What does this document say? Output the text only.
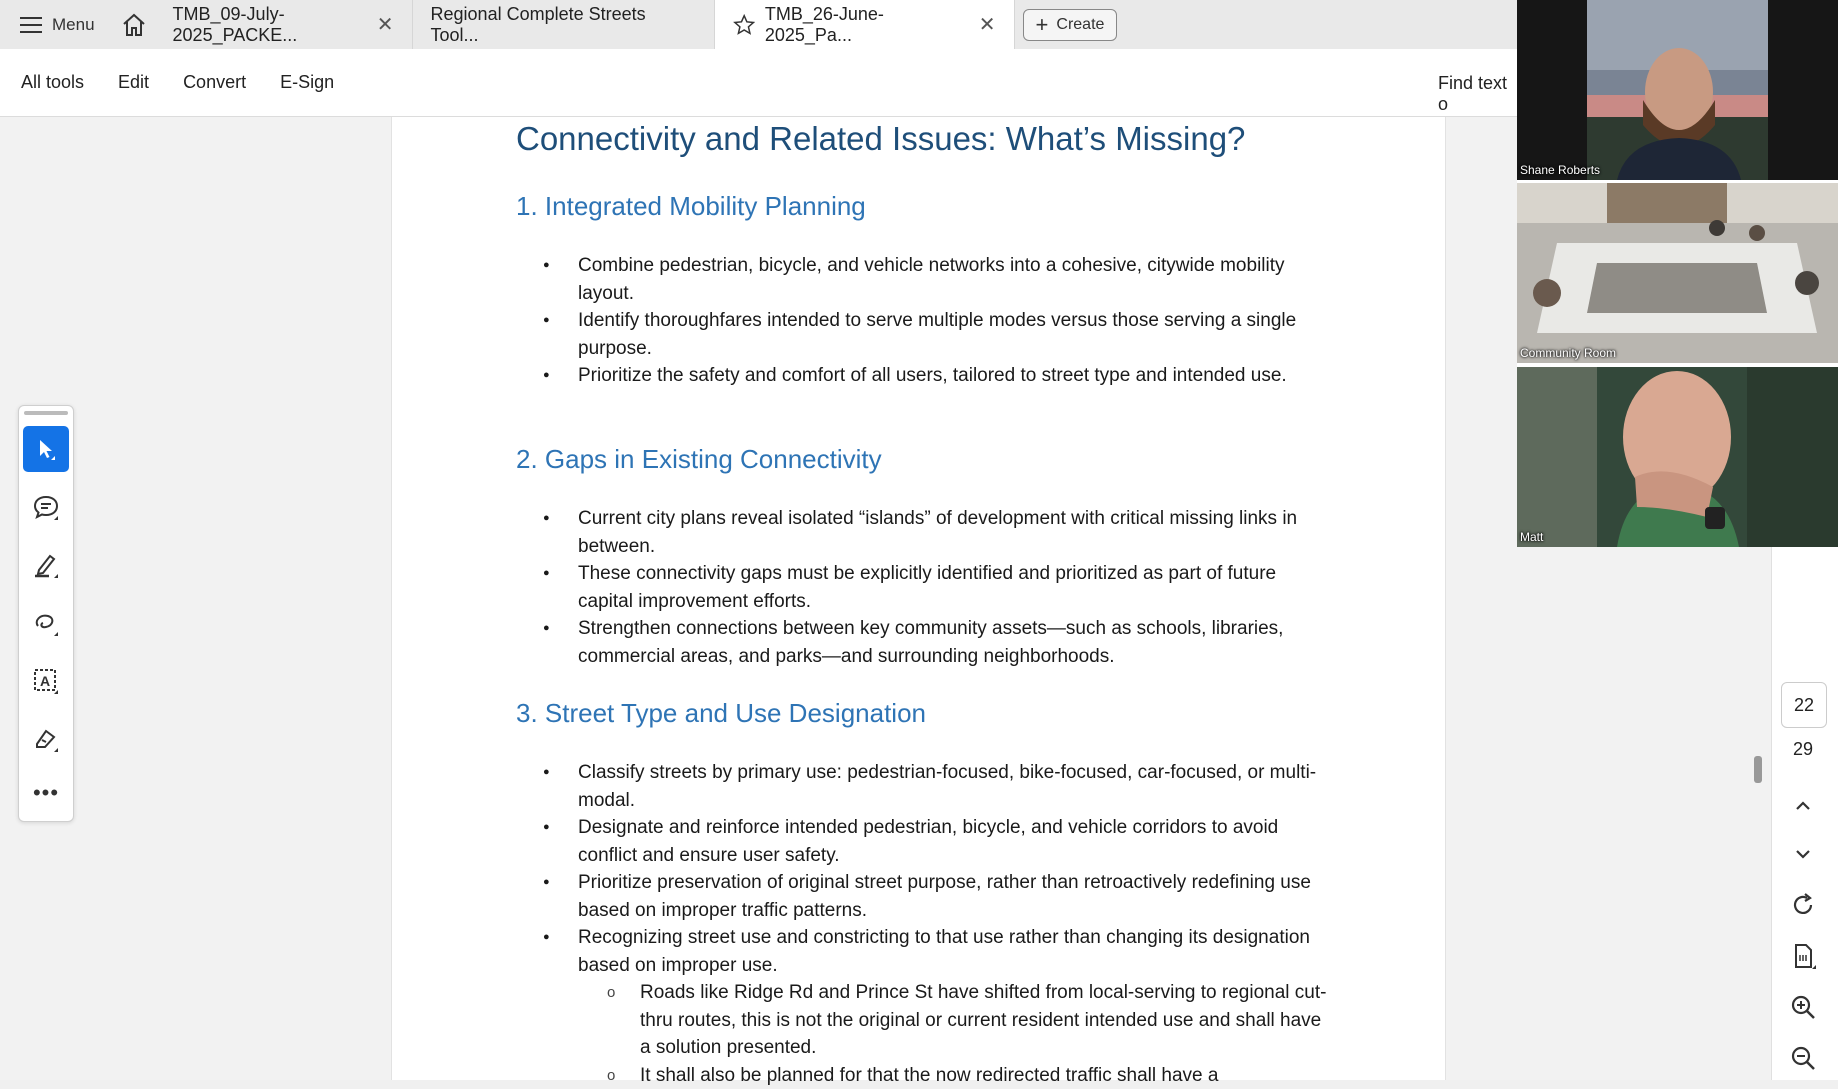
Menu
TMB_09-July-2025_PACKE...	✕
Regional Complete Streets Tool...
TMB_26-June-2025_Pa...	✕ + Create
All tools Edit Convert E-Sign	Find text o
Connectivity and Related Issues: What’s Missing?
1. Integrated Mobility Planning
● Combine pedestrian, bicycle, and vehicle networks into a cohesive, citywide mobility layout.
● Identify thoroughfares intended to serve multiple modes versus those serving a single purpose.
● Prioritize the safety and comfort of all users, tailored to street type and intended use.
2. Gaps in Existing Connectivity
● Current city plans reveal isolated “islands” of development with critical missing links in between.
● These connectivity gaps must be explicitly identified and prioritized as part of future capital improvement efforts.
● Strengthen connections between key community assets—such as schools, libraries, commercial areas, and parks—and surrounding neighborhoods.
3. Street Type and Use Designation
● Classify streets by primary use: pedestrian-focused, bike-focused, car-focused, or multi-modal.
● Designate and reinforce intended pedestrian, bicycle, and vehicle corridors to avoid conflict and ensure user safety.
● Prioritize preservation of original street purpose, rather than retroactively redefining use based on improper traffic patterns.
● Recognizing street use and constricting to that use rather than changing its designation based on improper use.
o Roads like Ridge Rd and Prince St have shifted from local-serving to regional cut-thru routes, this is not the original or current resident intended use and shall have a solution presented.
o It shall also be planned for that the now redirected traffic shall have a
A
•••
22
29
Shane Roberts
Community Room
Matt
